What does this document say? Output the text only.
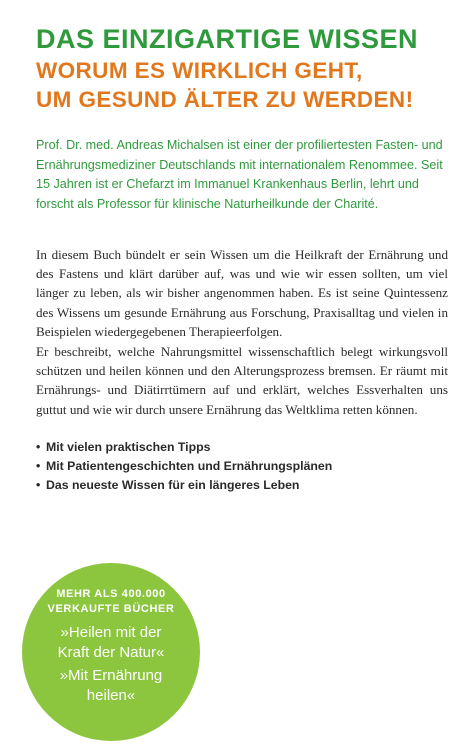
DAS EINZIGARTIGE WISSEN
WORUM ES WIRKLICH GEHT,
UM GESUND ÄLTER ZU WERDEN!

Prof. Dr. med. Andreas Michalsen ist einer der profiliertesten Fasten- und Ernährungsmediziner Deutschlands mit internationalem Renommee. Seit 15 Jahren ist er Chefarzt im Immanuel Krankenhaus Berlin, lehrt und forscht als Professor für klinische Naturheilkunde der Charité.

In diesem Buch bündelt er sein Wissen um die Heilkraft der Ernährung und des Fastens und klärt darüber auf, was und wie wir essen sollten, um viel länger zu leben, als wir bisher angenommen haben. Es ist seine Quintessenz des Wissens um gesunde Ernährung aus Forschung, Praxisalltag und vielen in Beispielen wiedergegebenen Therapieerfolgen.

Er beschreibt, welche Nahrungsmittel wissenschaftlich belegt wirkungsvoll schützen und heilen können und den Alterungsprozess bremsen. Er räumt mit Ernährungs- und Diätirrtümern auf und erklärt, welches Essverhalten uns guttut und wie wir durch unsere Ernährung das Weltklima retten können.

• Mit vielen praktischen Tipps
• Mit Patientengeschichten und Ernährungsplänen
• Das neueste Wissen für ein längeres Leben
MEHR ALS 400.000
VERKAUFTE BÜCHER
»Heilen mit der
Kraft der Natur«
»Mit Ernährung
heilen«
